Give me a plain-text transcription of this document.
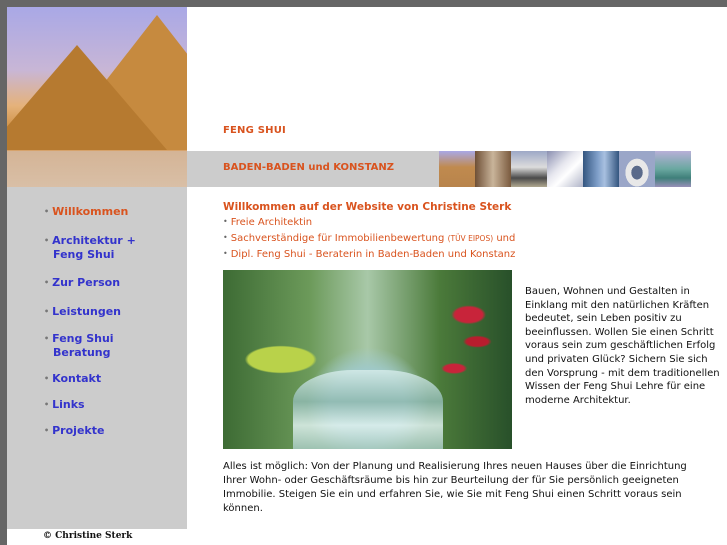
FENG SHUI
BADEN-BADEN und KONSTANZ
• Willkommen
• Architektur +
Feng Shui
• Zur Person
• Leistungen
• Feng Shui
Beratung
• Kontakt
• Links
• Projekte
Willkommen auf der Website von Christine Sterk
• Freie Architektin
• Sachverständige für Immobilienbewertung (TÜV EIPOS) und
• Dipl. Feng Shui - Beraterin in Baden-Baden und Konstanz
Bauen, Wohnen und Gestalten in Einklang mit den natürlichen Kräften bedeutet, sein Leben positiv zu beeinflussen. Wollen Sie einen Schritt voraus sein zum geschäftlichen Erfolg und privaten Glück? Sichern Sie sich den Vorsprung - mit dem traditionellen Wissen der Feng Shui Lehre für eine moderne Architektur.
Alles ist möglich: Von der Planung und Realisierung Ihres neuen Hauses über die Einrichtung Ihrer Wohn- oder Geschäftsräume bis hin zur Beurteilung der für Sie persönlich geeigneten Immobilie. Steigen Sie ein und erfahren Sie, wie Sie mit Feng Shui einen Schritt voraus sein können.
© Christine Sterk
